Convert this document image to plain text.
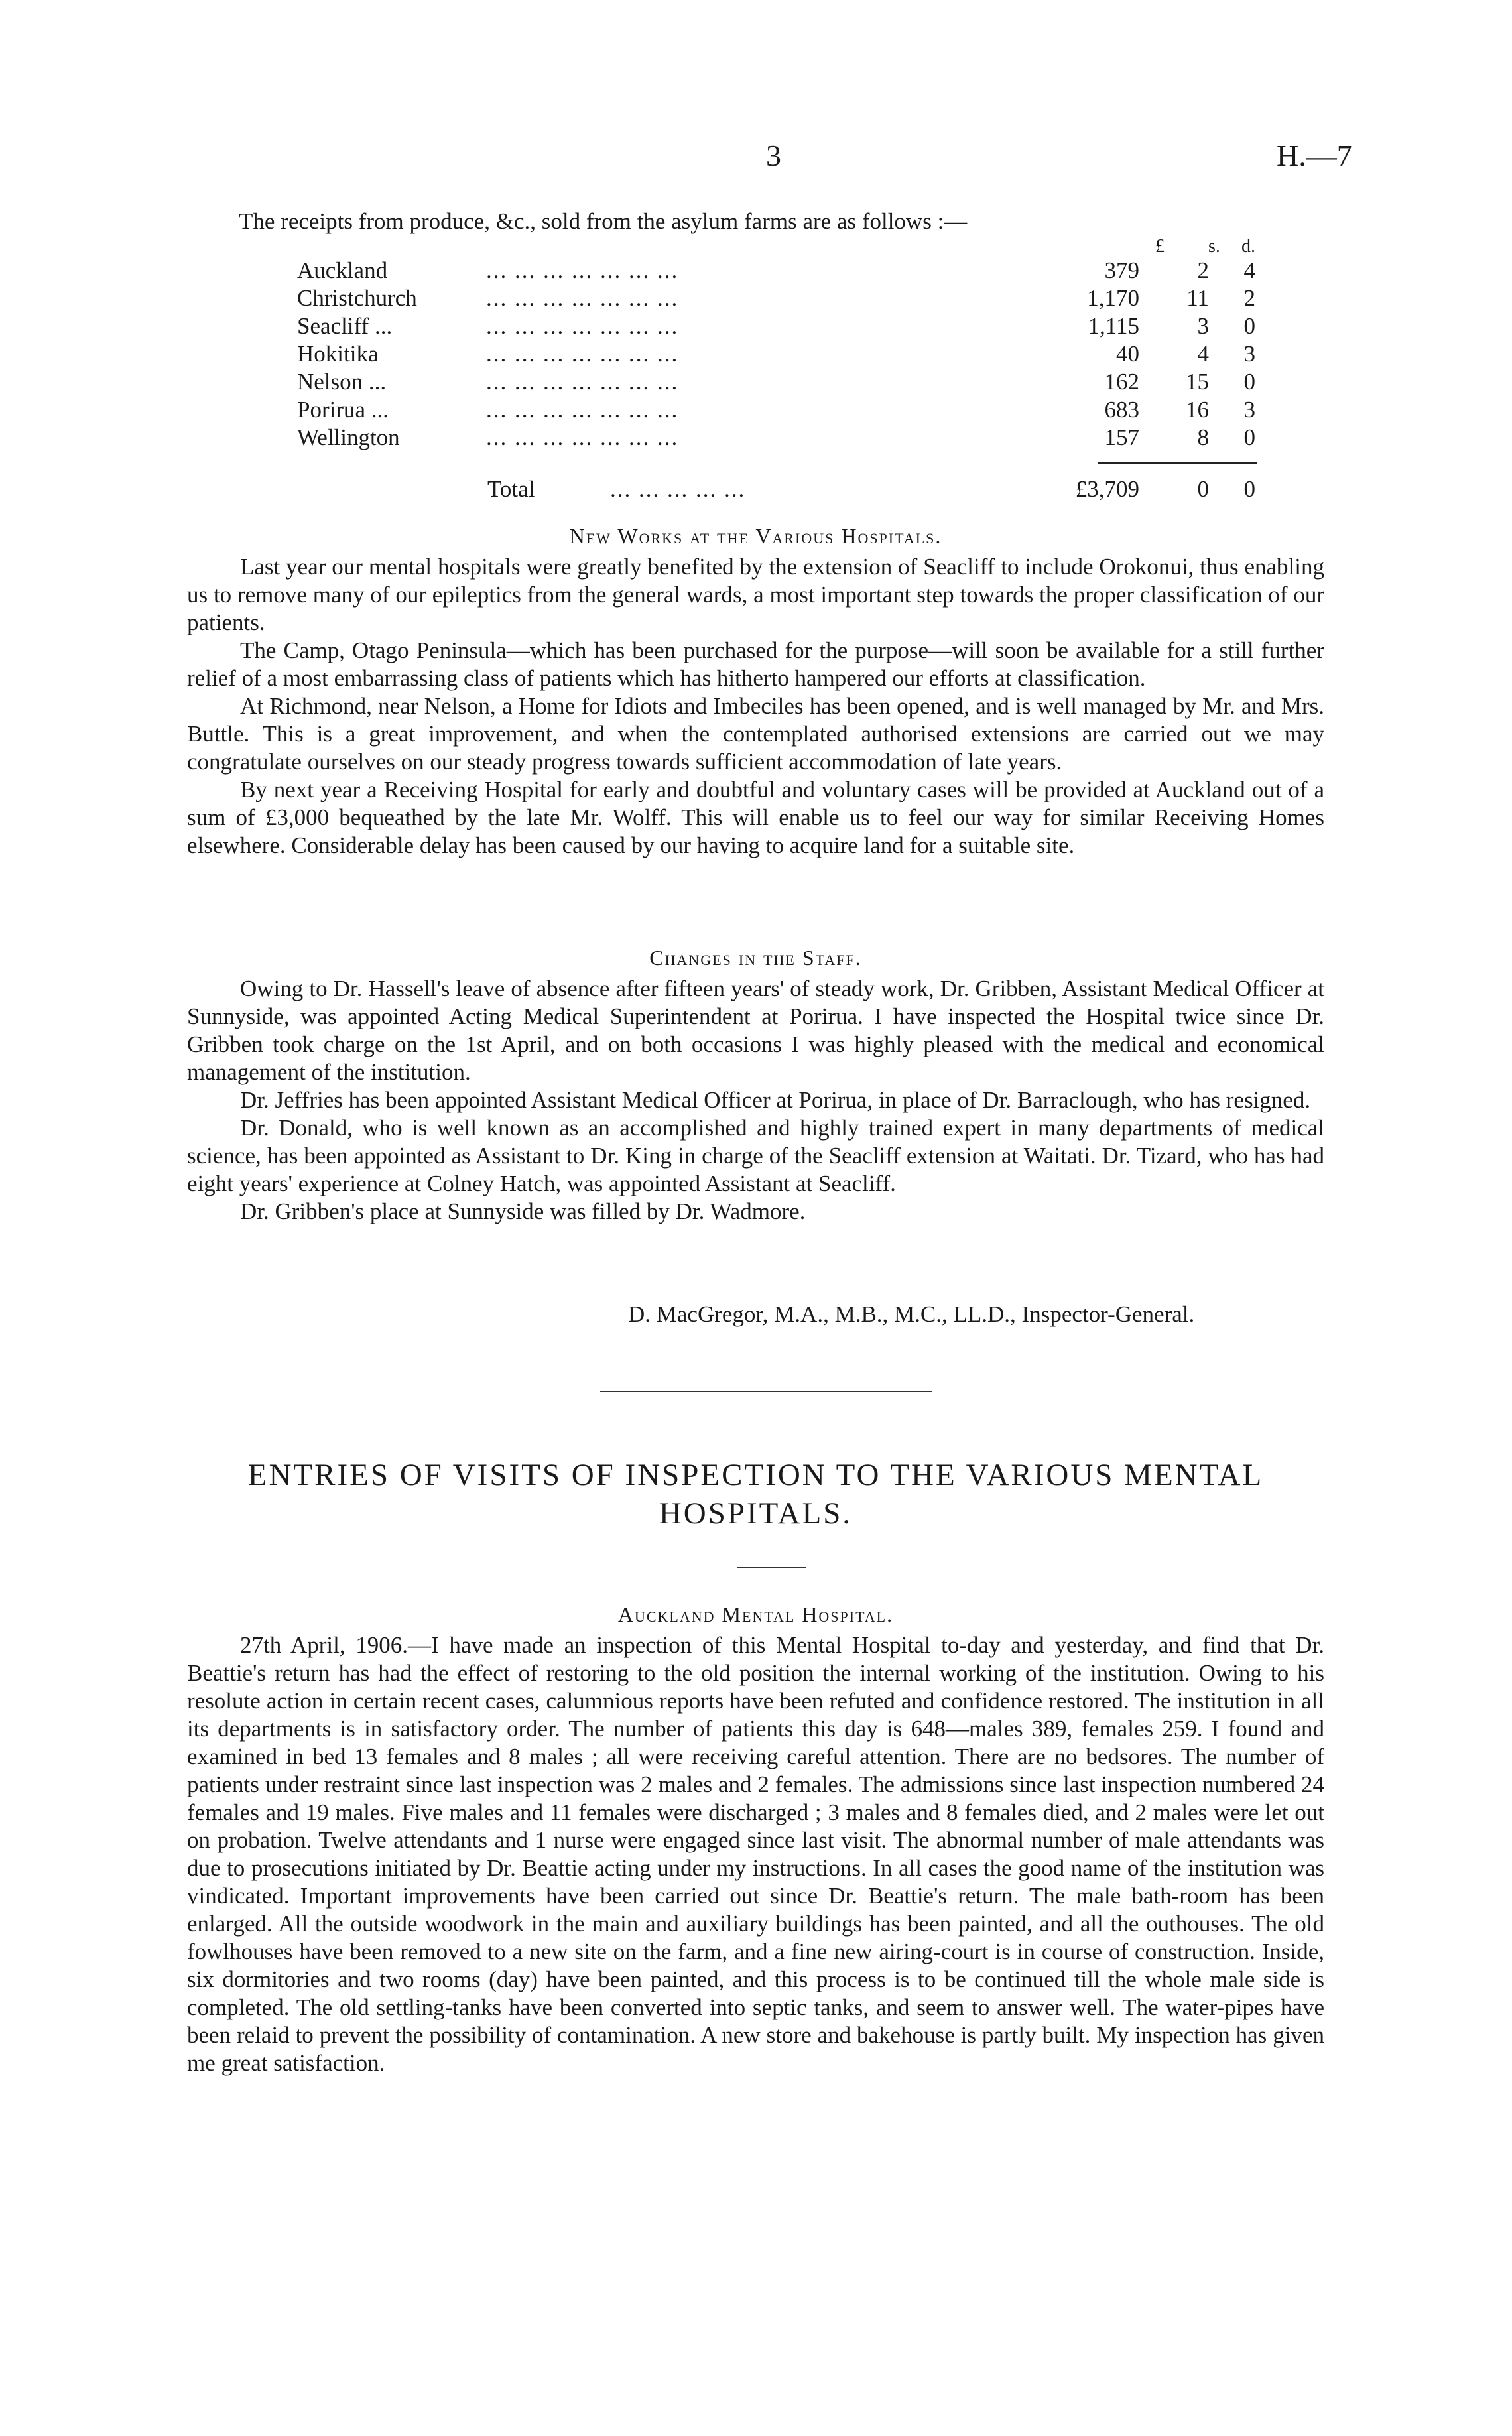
3	H.—7
The receipts from produce, &c., sold from the asylum farms are as follows :—
£ s. d.
Auckland	... ... ... ... ... ... ...	379	2	4
Christchurch	... ... ... ... ... ... ...	1,170	11	2
Seacliff ...	... ... ... ... ... ... ...	1,115	3	0
Hokitika	... ... ... ... ... ... ...	40	4	3
Nelson ...	... ... ... ... ... ... ...	162	15	0
Porirua ...	... ... ... ... ... ... ...	683	16	3
Wellington	... ... ... ... ... ... ...	157	8	0
Total	... ... ... ... ...	£3,709	0	0
New Works at the Various Hospitals.

Last year our mental hospitals were greatly benefited by the extension of Seacliff to include Orokonui, thus enabling us to remove many of our epileptics from the general wards, a most important step towards the proper classification of our patients.

The Camp, Otago Peninsula—which has been purchased for the purpose—will soon be available for a still further relief of a most embarrassing class of patients which has hitherto hampered our efforts at classification.

At Richmond, near Nelson, a Home for Idiots and Imbeciles has been opened, and is well managed by Mr. and Mrs. Buttle. This is a great improvement, and when the contemplated authorised extensions are carried out we may congratulate ourselves on our steady progress towards sufficient accommodation of late years.

By next year a Receiving Hospital for early and doubtful and voluntary cases will be provided at Auckland out of a sum of £3,000 bequeathed by the late Mr. Wolff. This will enable us to feel our way for similar Receiving Homes elsewhere. Considerable delay has been caused by our having to acquire land for a suitable site.

Changes in the Staff.

Owing to Dr. Hassell's leave of absence after fifteen years' of steady work, Dr. Gribben, Assistant Medical Officer at Sunnyside, was appointed Acting Medical Superintendent at Porirua. I have inspected the Hospital twice since Dr. Gribben took charge on the 1st April, and on both occasions I was highly pleased with the medical and economical management of the institution.

Dr. Jeffries has been appointed Assistant Medical Officer at Porirua, in place of Dr. Barraclough, who has resigned.

Dr. Donald, who is well known as an accomplished and highly trained expert in many departments of medical science, has been appointed as Assistant to Dr. King in charge of the Seacliff extension at Waitati. Dr. Tizard, who has had eight years' experience at Colney Hatch, was appointed Assistant at Seacliff.

Dr. Gribben's place at Sunnyside was filled by Dr. Wadmore.

D. MacGregor, M.A., M.B., M.C., LL.D., Inspector-General.
ENTRIES OF VISITS OF INSPECTION TO THE VARIOUS MENTAL HOSPITALS.
Auckland Mental Hospital.

27th April, 1906.—I have made an inspection of this Mental Hospital to-day and yesterday, and find that Dr. Beattie's return has had the effect of restoring to the old position the internal working of the institution. Owing to his resolute action in certain recent cases, calumnious reports have been refuted and confidence restored. The institution in all its departments is in satisfactory order. The number of patients this day is 648—males 389, females 259. I found and examined in bed 13 females and 8 males ; all were receiving careful attention. There are no bedsores. The number of patients under restraint since last inspection was 2 males and 2 females. The admissions since last inspection numbered 24 females and 19 males. Five males and 11 females were discharged ; 3 males and 8 females died, and 2 males were let out on probation. Twelve attendants and 1 nurse were engaged since last visit. The abnormal number of male attendants was due to prosecutions initiated by Dr. Beattie acting under my instructions. In all cases the good name of the institution was vindicated. Important improvements have been carried out since Dr. Beattie's return. The male bath-room has been enlarged. All the outside woodwork in the main and auxiliary buildings has been painted, and all the outhouses. The old fowlhouses have been removed to a new site on the farm, and a fine new airing-court is in course of construction. Inside, six dormitories and two rooms (day) have been painted, and this process is to be continued till the whole male side is completed. The old settling-tanks have been converted into septic tanks, and seem to answer well. The water-pipes have been relaid to prevent the possibility of contamination. A new store and bakehouse is partly built. My inspection has given me great satisfaction.
